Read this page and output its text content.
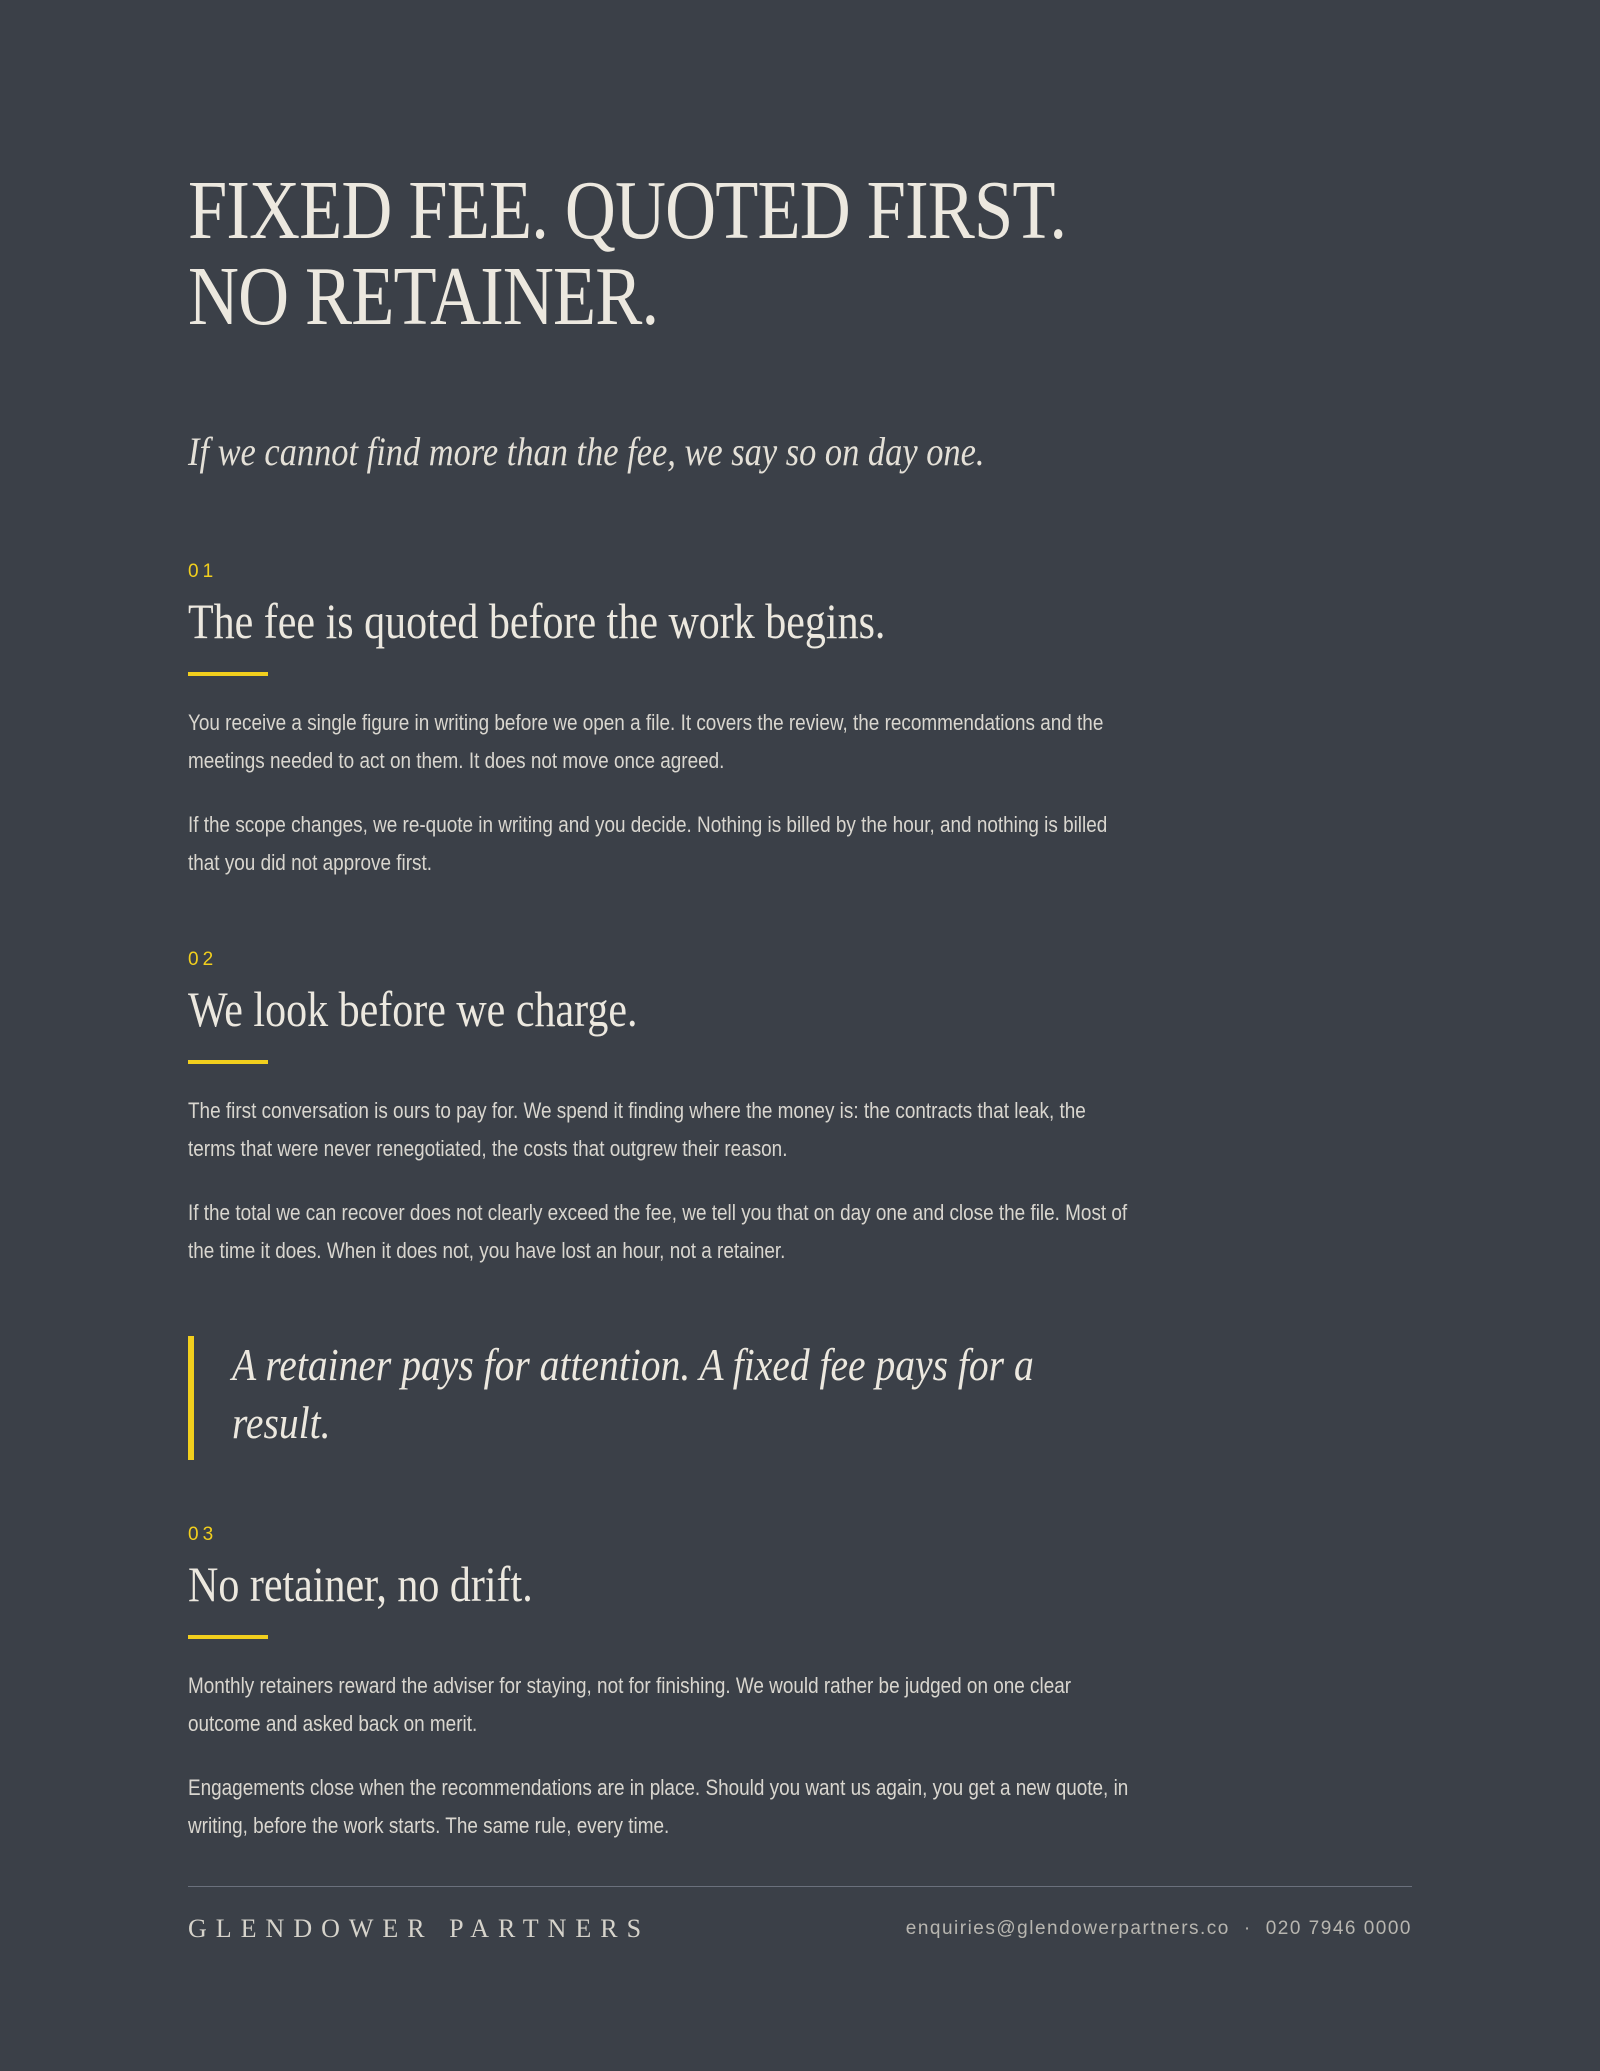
FIXED FEE. QUOTED FIRST.
NO RETAINER.

If we cannot find more than the fee, we say so on day one.

01
The fee is quoted before the work begins.

You receive a single figure in writing before we open a file. It covers the review, the recommendations and the meetings needed to act on them. It does not move once agreed.

If the scope changes, we re-quote in writing and you decide. Nothing is billed by the hour, and nothing is billed that you did not approve first.

02
We look before we charge.

The first conversation is ours to pay for. We spend it finding where the money is: the contracts that leak, the terms that were never renegotiated, the costs that outgrew their reason.

If the total we can recover does not clearly exceed the fee, we tell you that on day one and close the file. Most of the time it does. When it does not, you have lost an hour, not a retainer.

A retainer pays for attention. A fixed fee pays for a result.

03
No retainer, no drift.

Monthly retainers reward the adviser for staying, not for finishing. We would rather be judged on one clear outcome and asked back on merit.

Engagements close when the recommendations are in place. Should you want us again, you get a new quote, in writing, before the work starts. The same rule, every time.

GLENDOWER PARTNERS	enquiries@glendowerpartners.co · 020 7946 0000
